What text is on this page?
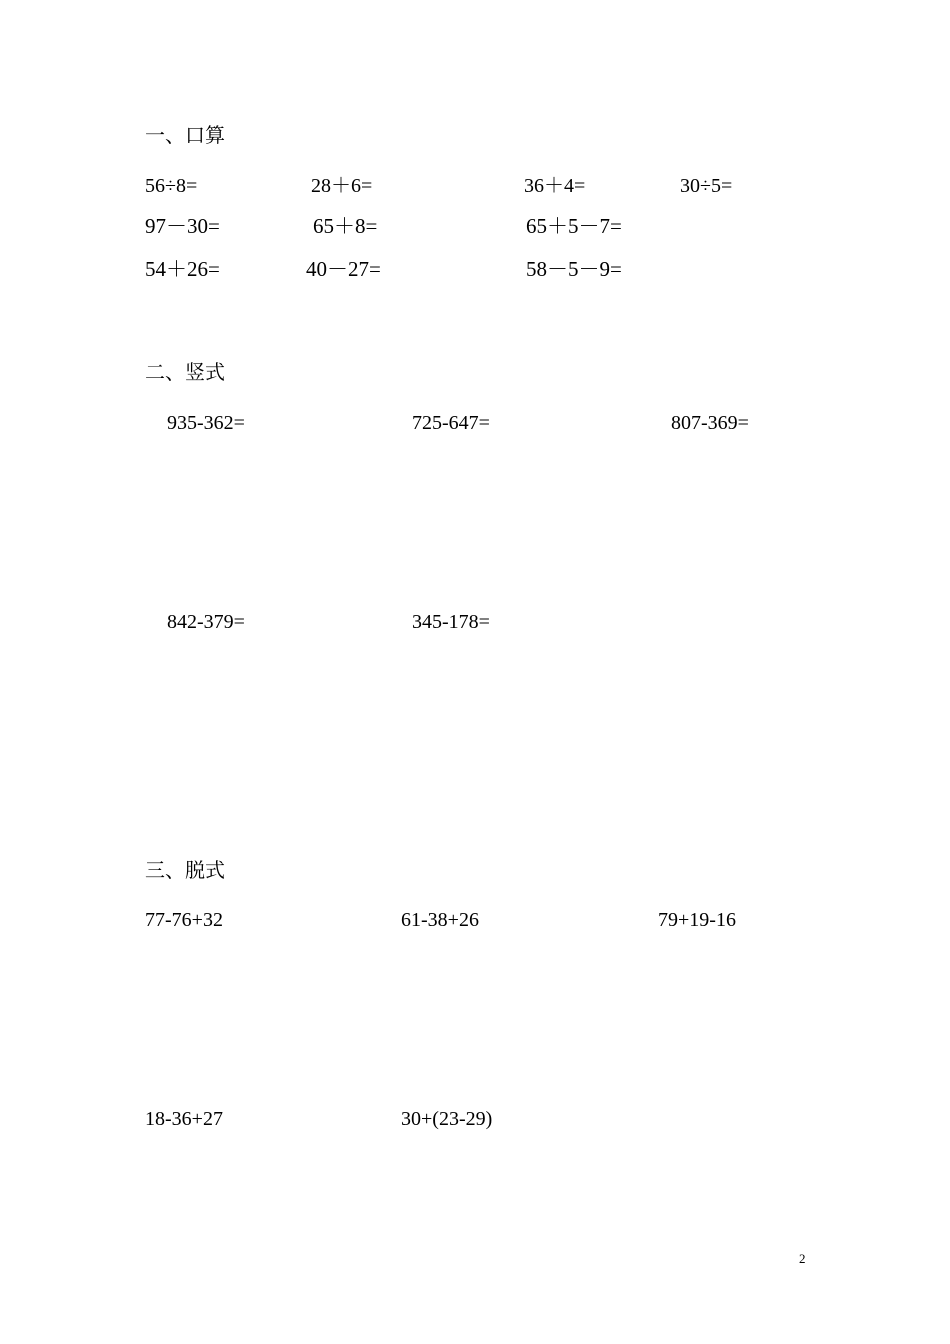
一、口算
56÷8=	28＋6=	36＋4=	30÷5=
97－30=	65＋8=	65＋5－7=
54＋26=	40－27=	58－5－9=
二、竖式
935-362=	725-647=	807-369=
842-379=	345-178=
三、脱式
77-76+32	61-38+26	79+19-16
18-36+27	30+(23-29)
2
